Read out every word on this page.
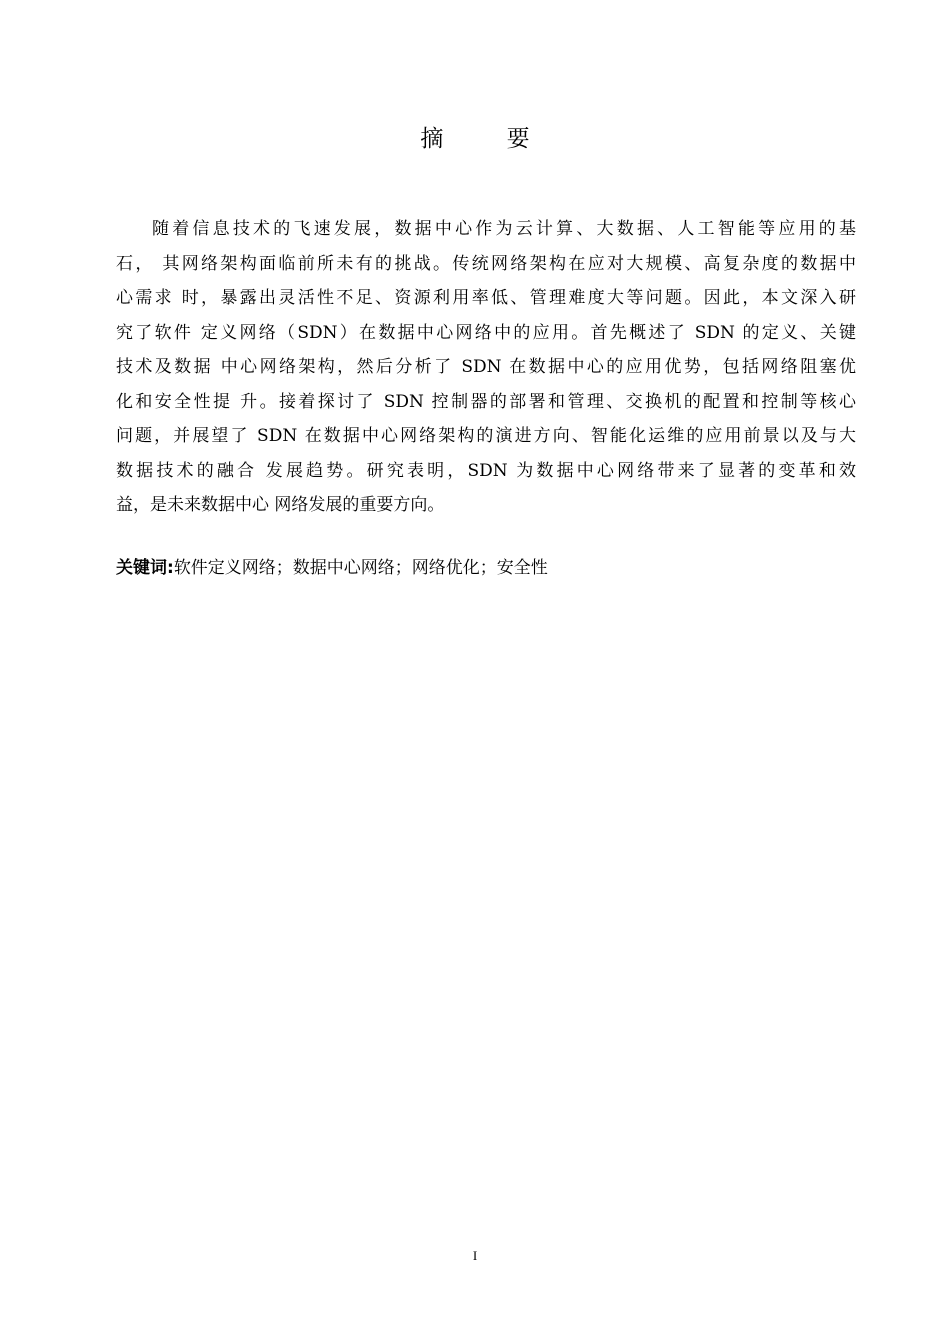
摘 要
随着信息技术的飞速发展，数据中心作为云计算、大数据、人工智能等应用的基
石， 其网络架构面临前所未有的挑战。传统网络架构在应对大规模、高复杂度的数据中
心需求 时，暴露出灵活性不足、资源利用率低、管理难度大等问题。因此，本文深入研
究了软件 定义网络（SDN）在数据中心网络中的应用。首先概述了 SDN 的定义、关键
技术及数据 中心网络架构，然后分析了 SDN 在数据中心的应用优势，包括网络阻塞优
化和安全性提 升。接着探讨了 SDN 控制器的部署和管理、交换机的配置和控制等核心
问题，并展望了 SDN 在数据中心网络架构的演进方向、智能化运维的应用前景以及与大
数据技术的融合 发展趋势。研究表明，SDN 为数据中心网络带来了显著的变革和效
益，是未来数据中心 网络发展的重要方向。
关键词:软件定义网络；数据中心网络；网络优化；安全性
I
